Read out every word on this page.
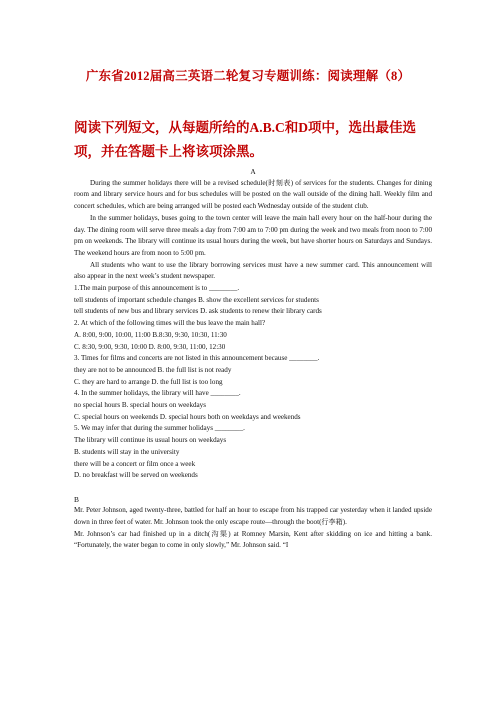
广东省2012届高三英语二轮复习专题训练：阅读理解（8）
阅读下列短文，从每题所给的A.B.C和D项中，选出最佳选项，并在答题卡上将该项涂黑。

A

During the summer holidays there will be a revised schedule(时刻表) of services for the students. Changes for dining room and library service hours and for bus schedules will be posted on the wall outside of the dining hall. Weekly film and concert schedules, which are being arranged will be posted each Wednesday outside of the student club.

In the summer holidays, buses going to the town center will leave the main hall every hour on the half-hour during the day. The dining room will serve three meals a day from 7:00 am to 7:00 pm during the week and two meals from noon to 7:00 pm on weekends. The library will continue its usual hours during the week, but have shorter hours on Saturdays and Sundays. The weekend hours are from noon to 5:00 pm.

All students who want to use the library borrowing services must have a new summer card. This announcement will also appear in the next week’s student newspaper.

1.The main purpose of this announcement is to ________.

tell students of important schedule changes B. show the excellent services for students

tell students of new bus and library services D. ask students to renew their library cards

2. At which of the following times will the bus leave the main hall?

A. 8:00, 9:00, 10:00, 11:00 B.8:30, 9:30, 10:30, 11:30

C. 8:30, 9:00, 9:30, 10:00 D. 8:00, 9:30, 11:00, 12:30

3. Times for films and concerts are not listed in this announcement because ________.

they are not to be announced B. the full list is not ready

C. they are hard to arrange D. the full list is too long

4. In the summer holidays, the library will have ________.

no special hours B. special hours on weekdays

C. special hours on weekends D. special hours both on weekdays and weekends

5. We may infer that during the summer holidays ________.

The library will continue its usual hours on weekdays

B. students will stay in the university

there will be a concert or film once a week

D. no breakfast will be served on weekends

B

Mr. Peter Johnson, aged twenty-three, battled for half an hour to escape from his trapped car yesterday when it landed upside down in three feet of water. Mr. Johnson took the only escape route—through the boot(行李箱).

Mr. Johnson’s car had finished up in a ditch(沟渠) at Romney Marsin, Kent after skidding on ice and hitting a bank. “Fortunately, the water began to come in only slowly,” Mr. Johnson said. “I
